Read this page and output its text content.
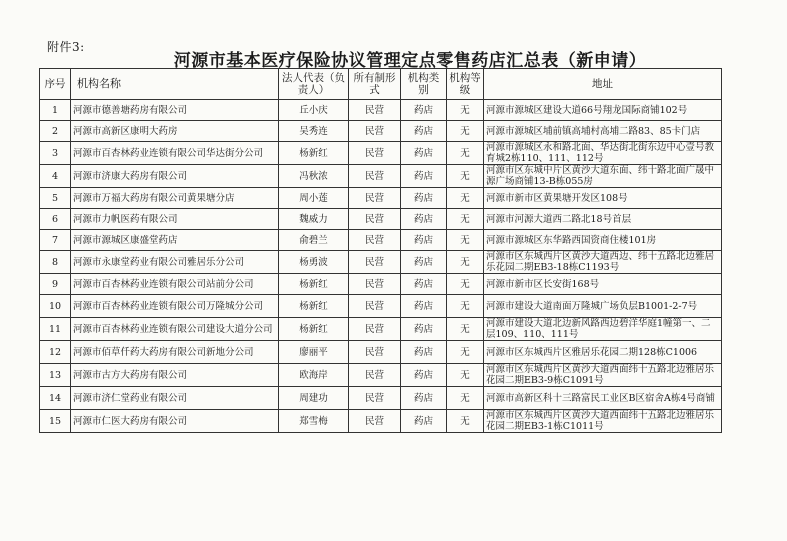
附件3:
河源市基本医疗保险协议管理定点零售药店汇总表（新申请）
序号	机构名称	法人代表（负责人）	所有制形式	机构类别	机构等级	地址
1	河源市德善塘药房有限公司	丘小庆	民营	药店	无	河源市源城区建设大道66号翔龙国际商铺102号
2	河源市高新区康明大药房	吴秀连	民营	药店	无	河源市源城区埔前镇高埔村高埔二路83、85卡门店
3	河源市百杏林药业连锁有限公司华达街分公司	杨新红	民营	药店	无	河源市源城区永和路北面、华达街北街东边中心壹号教育城2栋110、111、112号
4	河源市济康大药房有限公司	冯秋浓	民营	药店	无	河源市区东城中片区黄沙大道东面、纬十路北面广晟中源广场商铺13-B栋055房
5	河源市万福大药房有限公司黄果塘分店	周小莲	民营	药店	无	河源市新市区黄果塘开发区108号
6	河源市力帆医药有限公司	魏威力	民营	药店	无	河源市河源大道西二路北18号首层
7	河源市源城区康盛堂药店	俞碧兰	民营	药店	无	河源市源城区东华路西国资商住楼101房
8	河源市永康堂药业有限公司雅居乐分公司	杨勇波	民营	药店	无	河源市区东城西片区黄沙大道西边、纬十五路北边雅居乐花园二期EB3-18栋C1193号
9	河源市百杏林药业连锁有限公司站前分公司	杨新红	民营	药店	无	河源市新市区长安街168号
10	河源市百杏林药业连锁有限公司万隆城分公司	杨新红	民营	药店	无	河源市建设大道南面万隆城广场负层B1001-2-7号
11	河源市百杏林药业连锁有限公司建设大道分公司	杨新红	民营	药店	无	河源市建设大道北边新风路西边碧洋华庭1幢第一、二层109、110、111号
12	河源市佰草仟药大药房有限公司新地分公司	廖丽平	民营	药店	无	河源市区东城西片区雅居乐花园二期128栋C1006
13	河源市古方大药房有限公司	欧海岸	民营	药店	无	河源市区东城西片区黄沙大道西面纬十五路北边雅居乐花园二期EB3-9栋C1091号
14	河源市济仁堂药业有限公司	周建功	民营	药店	无	河源市高新区科十三路富民工业区B区宿舍A栋4号商铺
15	河源市仁医大药房有限公司	郑雪梅	民营	药店	无	河源市区东城西片区黄沙大道西面纬十五路北边雅居乐花园二期EB3-1栋C1011号
